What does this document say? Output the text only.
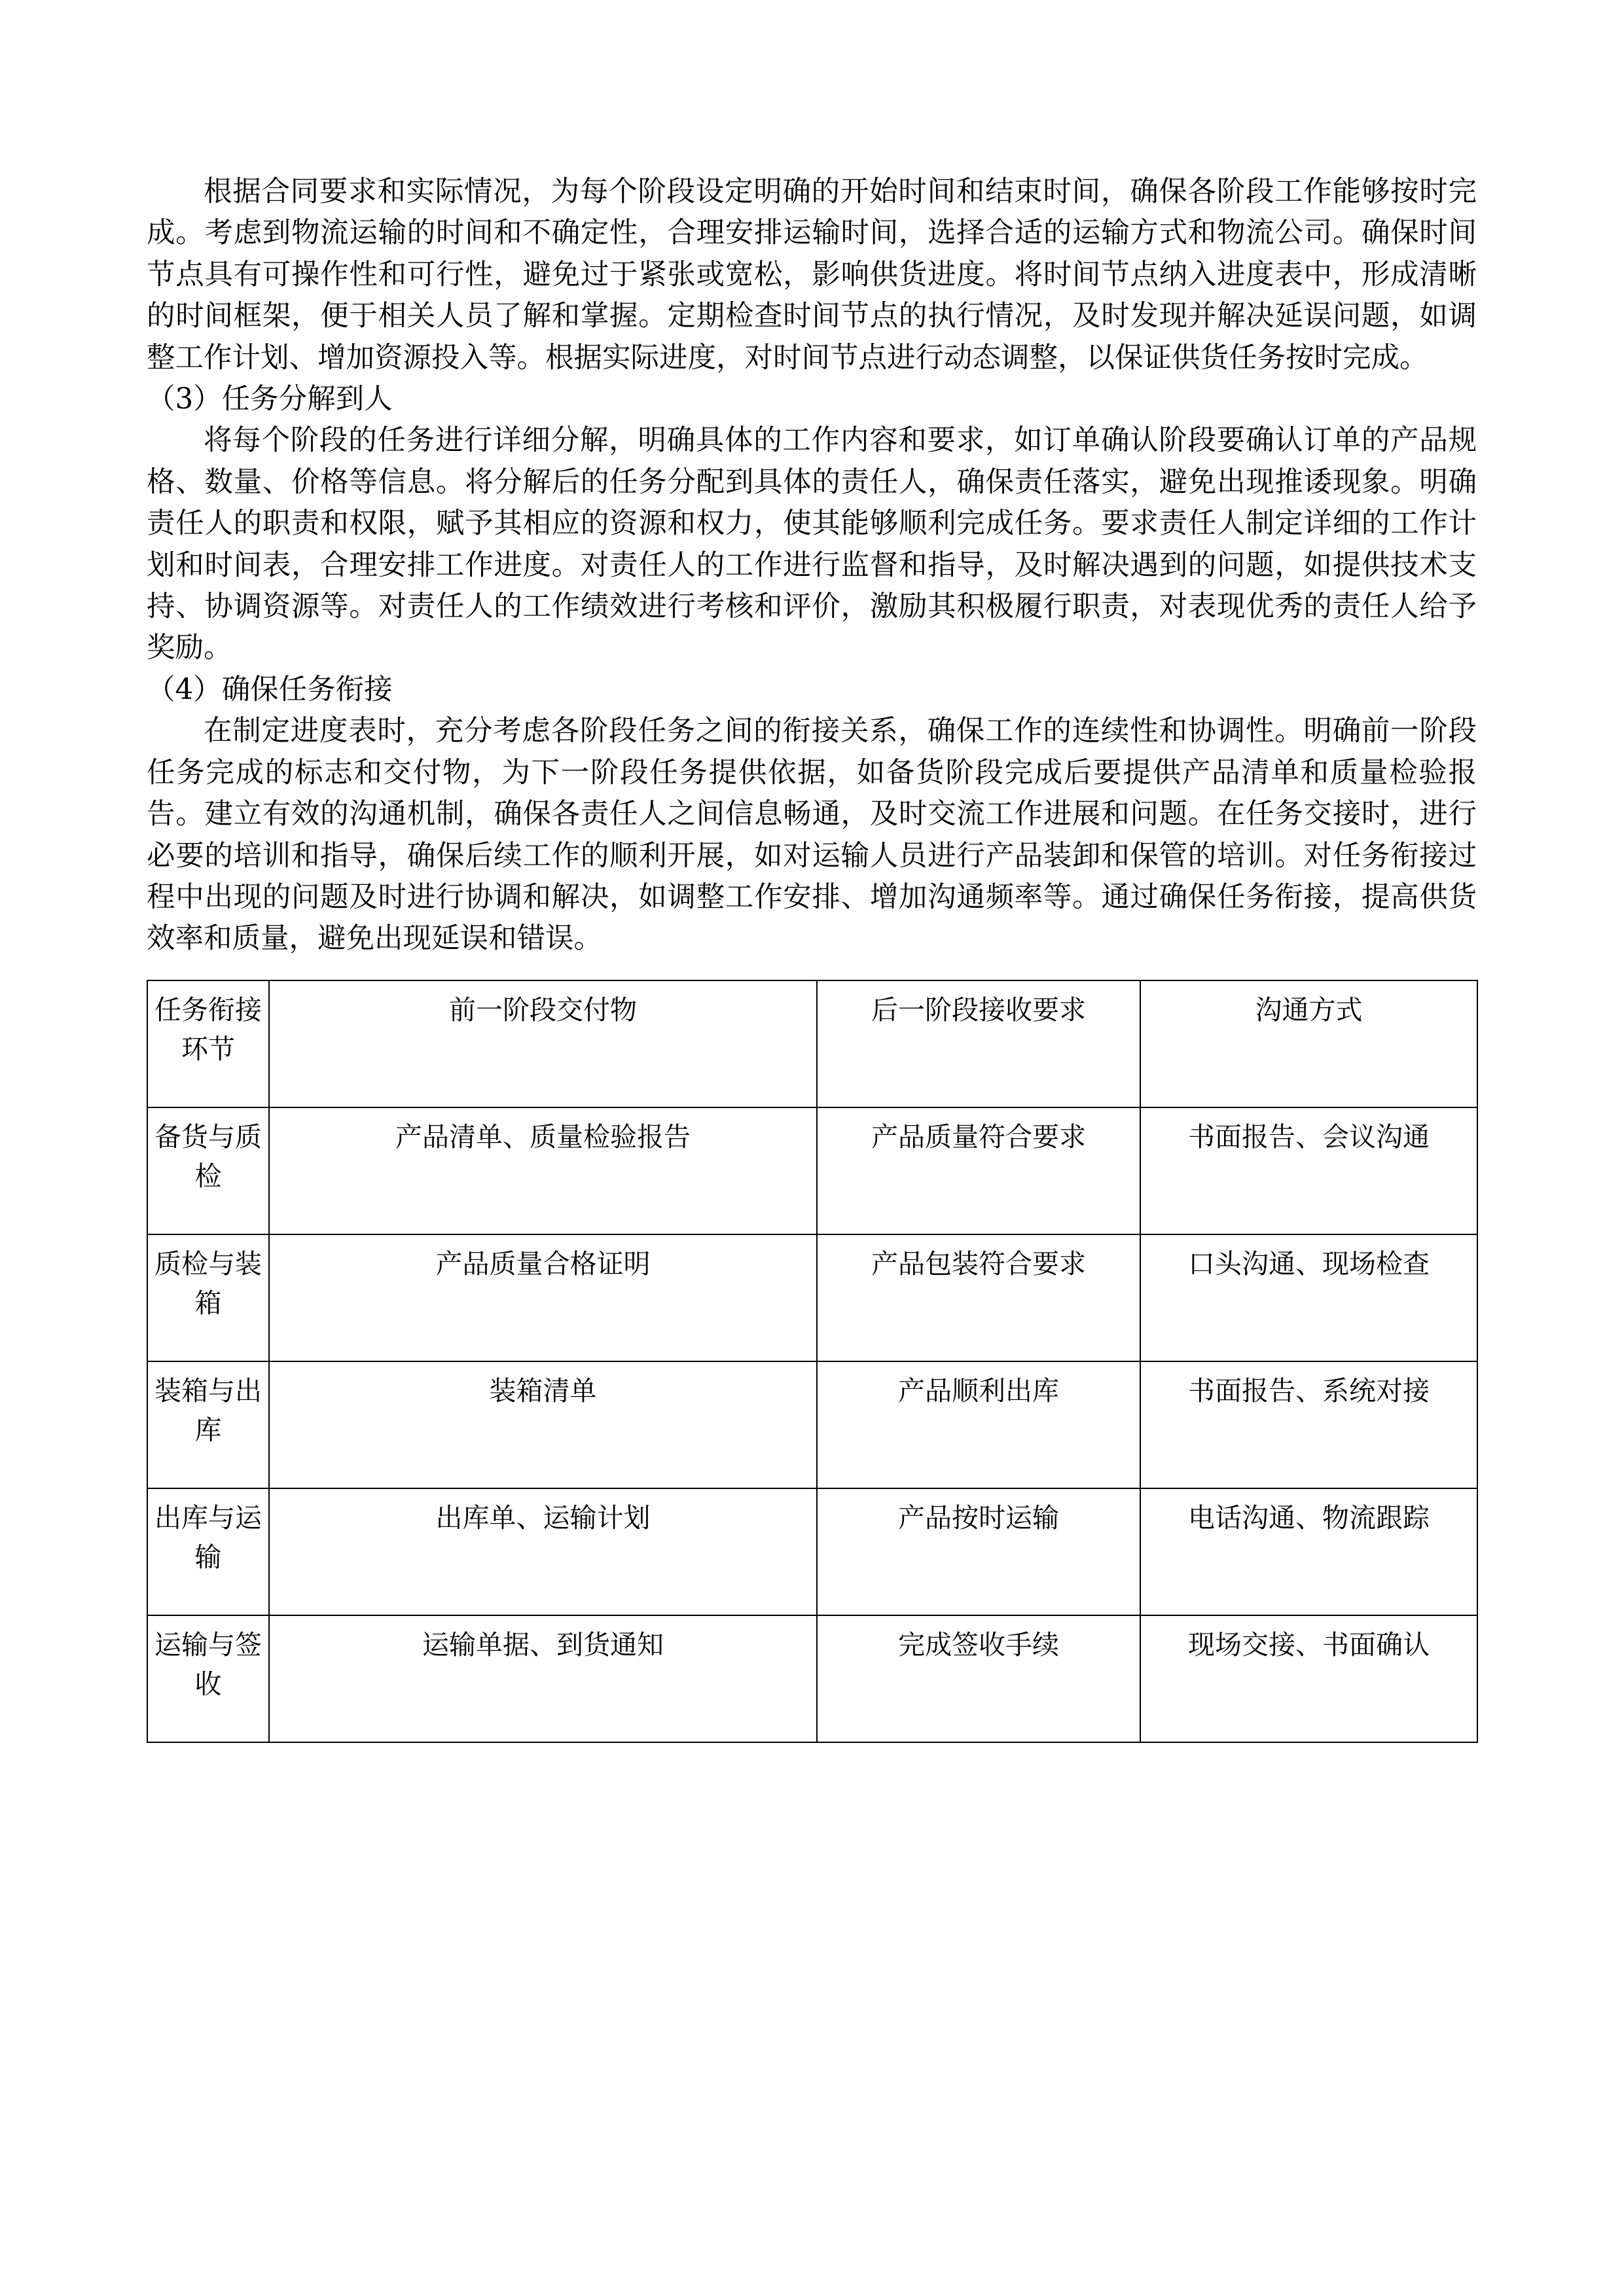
根据合同要求和实际情况，为每个阶段设定明确的开始时间和结束时间，确保各阶段工作能够按时完成。考虑到物流运输的时间和不确定性，合理安排运输时间，选择合适的运输方式和物流公司。确保时间节点具有可操作性和可行性，避免过于紧张或宽松，影响供货进度。将时间节点纳入进度表中，形成清晰的时间框架，便于相关人员了解和掌握。定期检查时间节点的执行情况，及时发现并解决延误问题，如调整工作计划、增加资源投入等。根据实际进度，对时间节点进行动态调整，以保证供货任务按时完成。

（3）任务分解到人

将每个阶段的任务进行详细分解，明确具体的工作内容和要求，如订单确认阶段要确认订单的产品规格、数量、价格等信息。将分解后的任务分配到具体的责任人，确保责任落实，避免出现推诿现象。明确责任人的职责和权限，赋予其相应的资源和权力，使其能够顺利完成任务。要求责任人制定详细的工作计划和时间表，合理安排工作进度。对责任人的工作进行监督和指导，及时解决遇到的问题，如提供技术支持、协调资源等。对责任人的工作绩效进行考核和评价，激励其积极履行职责，对表现优秀的责任人给予奖励。

（4）确保任务衔接

在制定进度表时，充分考虑各阶段任务之间的衔接关系，确保工作的连续性和协调性。明确前一阶段任务完成的标志和交付物，为下一阶段任务提供依据，如备货阶段完成后要提供产品清单和质量检验报告。建立有效的沟通机制，确保各责任人之间信息畅通，及时交流工作进展和问题。在任务交接时，进行必要的培训和指导，确保后续工作的顺利开展，如对运输人员进行产品装卸和保管的培训。对任务衔接过程中出现的问题及时进行协调和解决，如调整工作安排、增加沟通频率等。通过确保任务衔接，提高供货效率和质量，避免出现延误和错误。

任务衔接环节	前一阶段交付物	后一阶段接收要求	沟通方式
备货与质检	产品清单、质量检验报告	产品质量符合要求	书面报告、会议沟通
质检与装箱	产品质量合格证明	产品包装符合要求	口头沟通、现场检查
装箱与出库	装箱清单	产品顺利出库	书面报告、系统对接
出库与运输	出库单、运输计划	产品按时运输	电话沟通、物流跟踪
运输与签收	运输单据、到货通知	完成签收手续	现场交接、书面确认
